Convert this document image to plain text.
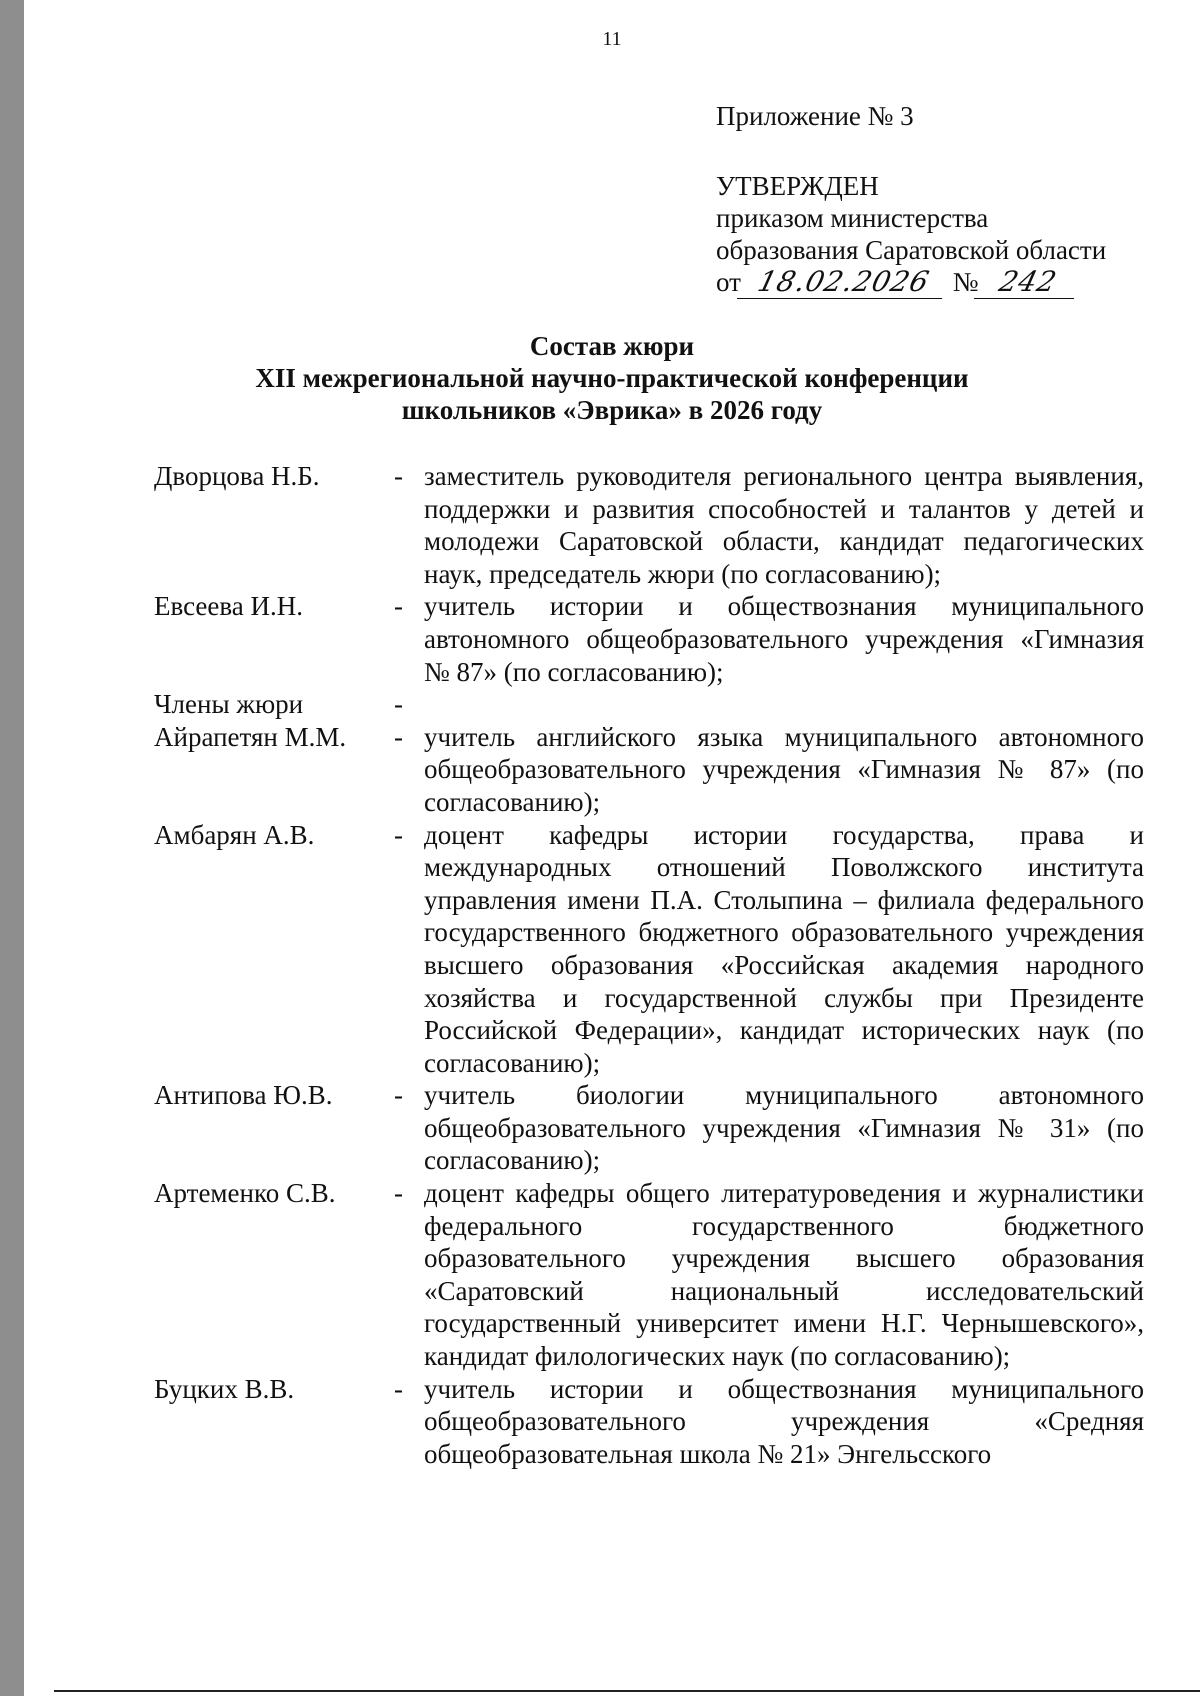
11
Приложение № 3
УТВЕРЖДЕН
приказом министерства
образования Саратовской области
от 18.02.2026 № 242
Состав жюри
XII межрегиональной научно-практической конференции
школьников «Эврика» в 2026 году
Дворцова Н.Б.	- заместитель руководителя регионального центра выявления, поддержки и развития способностей и талантов у детей и молодежи Саратовской области, кандидат педагогических наук, председатель жюри (по согласованию);
Евсеева И.Н.	- учитель истории и обществознания муниципального автономного общеобразовательного учреждения «Гимназия № 87» (по согласованию);
Члены жюри	-
Айрапетян М.М.	- учитель английского языка муниципального автономного общеобразовательного учреждения «Гимназия № 87» (по согласованию);
Амбарян А.В.	- доцент кафедры истории государства, права и международных отношений Поволжского института управления имени П.А. Столыпина – филиала федерального государственного бюджетного образовательного учреждения высшего образования «Российская академия народного хозяйства и государственной службы при Президенте Российской Федерации», кандидат исторических наук (по согласованию);
Антипова Ю.В.	- учитель биологии муниципального автономного общеобразовательного учреждения «Гимназия № 31» (по согласованию);
Артеменко С.В.	- доцент кафедры общего литературоведения и журналистики федерального государственного бюджетного образовательного учреждения высшего образования «Саратовский национальный исследовательский государственный университет имени Н.Г. Чернышевского», кандидат филологических наук (по согласованию);
Буцких В.В.	- учитель истории и обществознания муниципального общеобразовательного учреждения «Средняя общеобразовательная школа № 21» Энгельсского
